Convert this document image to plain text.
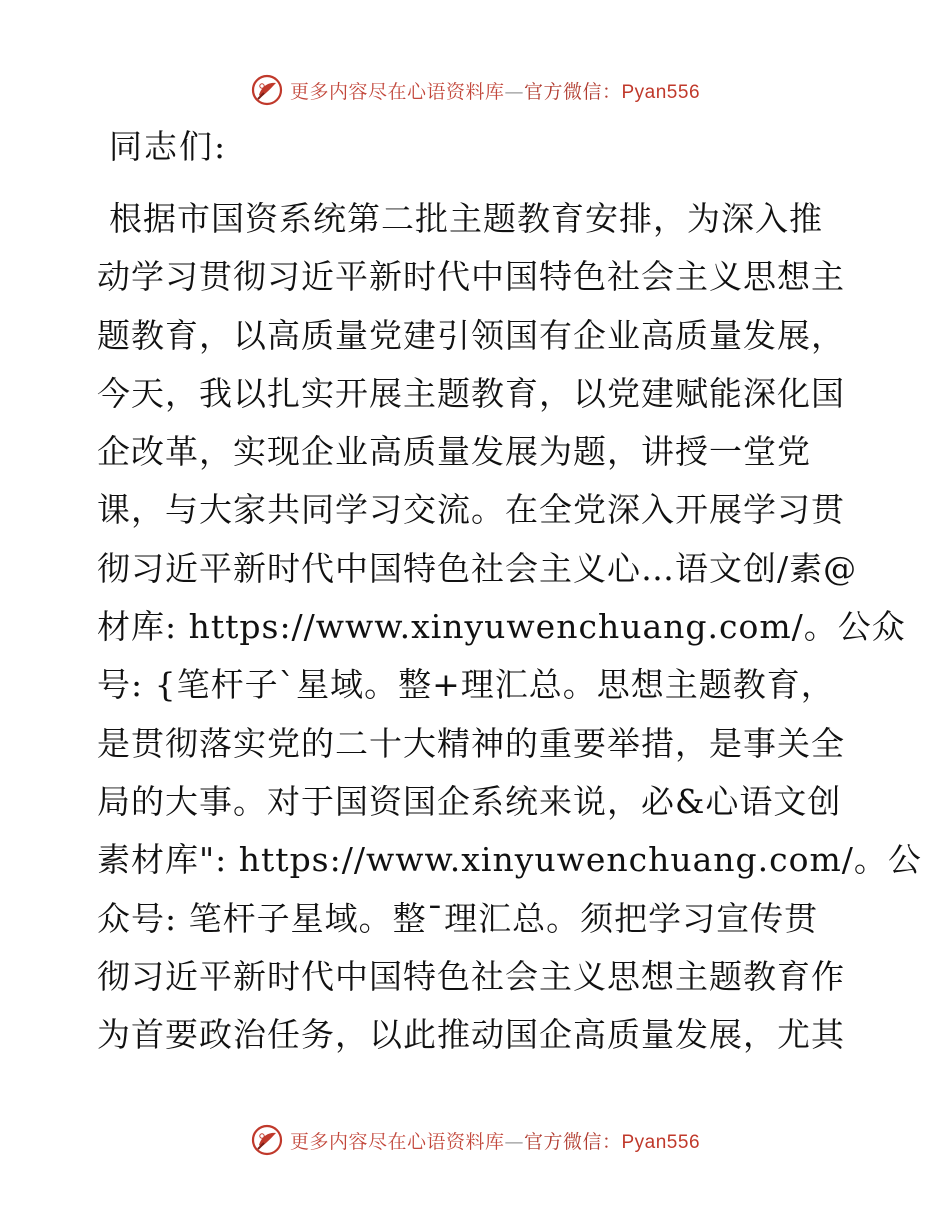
更多内容尽在心语资料库—官方微信：Pyan556

同志们:

根据市国资系统第二批主题教育安排，为深入推

动学习贯彻习近平新时代中国特色社会主义思想主

题教育，以高质量党建引领国有企业高质量发展，

今天，我以扎实开展主题教育，以党建赋能深化国

企改革，实现企业高质量发展为题，讲授一堂党

课，与大家共同学习交流。在全党深入开展学习贯

彻习近平新时代中国特色社会主义心…语文创/素@

材库: https://www.xinyuwenchuang.com/。公众

号: {笔杆子`星域。整+理汇总。思想主题教育，

是贯彻落实党的二十大精神的重要举措，是事关全

局的大事。对于国资国企系统来说，必&心语文创

素材库": https://www.xinyuwenchuang.com/。公

众号: 笔杆子星域。整¯理汇总。须把学习宣传贯

彻习近平新时代中国特色社会主义思想主题教育作

为首要政治任务，以此推动国企高质量发展，尤其

更多内容尽在心语资料库—官方微信：Pyan556
